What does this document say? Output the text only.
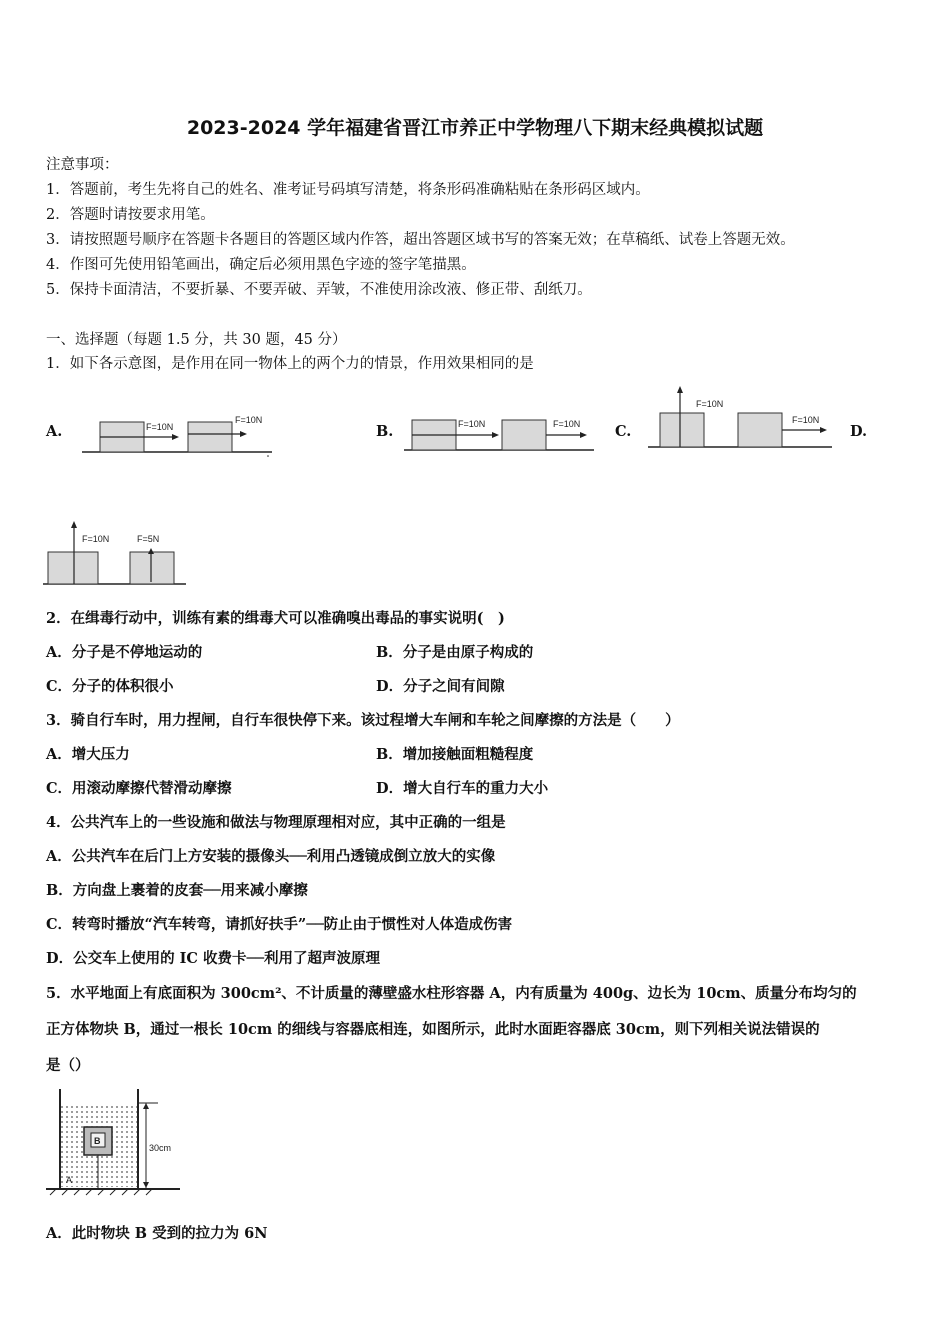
2023-2024 学年福建省晋江市养正中学物理八下期末经典模拟试题
注意事项：
1．答题前，考生先将自己的姓名、准考证号码填写清楚，将条形码准确粘贴在条形码区域内。
2．答题时请按要求用笔。
3．请按照题号顺序在答题卡各题目的答题区域内作答，超出答题区域书写的答案无效；在草稿纸、试卷上答题无效。
4．作图可先使用铅笔画出，确定后必须用黑色字迹的签字笔描黑。
5．保持卡面清洁，不要折暴、不要弄破、弄皱，不准使用涂改液、修正带、刮纸刀。
一、选择题（每题 1.5 分，共 30 题，45 分）
1．如下各示意图，是作用在同一物体上的两个力的情景，作用效果相同的是
A.	F=10N
F=10N
B.	F=10N	F=10N C.
F=10N
F=10N
D.
F=10N	F=5N
2．在缉毒行动中，训练有素的缉毒犬可以准确嗅出毒品的事实说明(　)
A．分子是不停地运动的	B．分子是由原子构成的
C．分子的体积很小	D．分子之间有间隙
3．骑自行车时，用力捏闸，自行车很快停下来。该过程增大车闸和车轮之间摩擦的方法是（　　）
A．增大压力	B．增加接触面粗糙程度
C．用滚动摩擦代替滑动摩擦	D．增大自行车的重力大小
4．公共汽车上的一些设施和做法与物理原理相对应，其中正确的一组是
A．公共汽车在后门上方安装的摄像头──利用凸透镜成倒立放大的实像
B．方向盘上裹着的皮套──用来减小摩擦
C．转弯时播放“汽车转弯，请抓好扶手”──防止由于惯性对人体造成伤害
D．公交车上使用的 IC 收费卡──利用了超声波原理
5．水平地面上有底面积为 300cm²、不计质量的薄壁盛水柱形容器 A，内有质量为 400g、边长为 10cm、质量分布均匀的
正方体物块 B，通过一根长 10cm 的细线与容器底相连，如图所示，此时水面距容器底 30cm，则下列相关说法错误的
是（）
30cm
B
A
A．此时物块 B 受到的拉力为 6N
